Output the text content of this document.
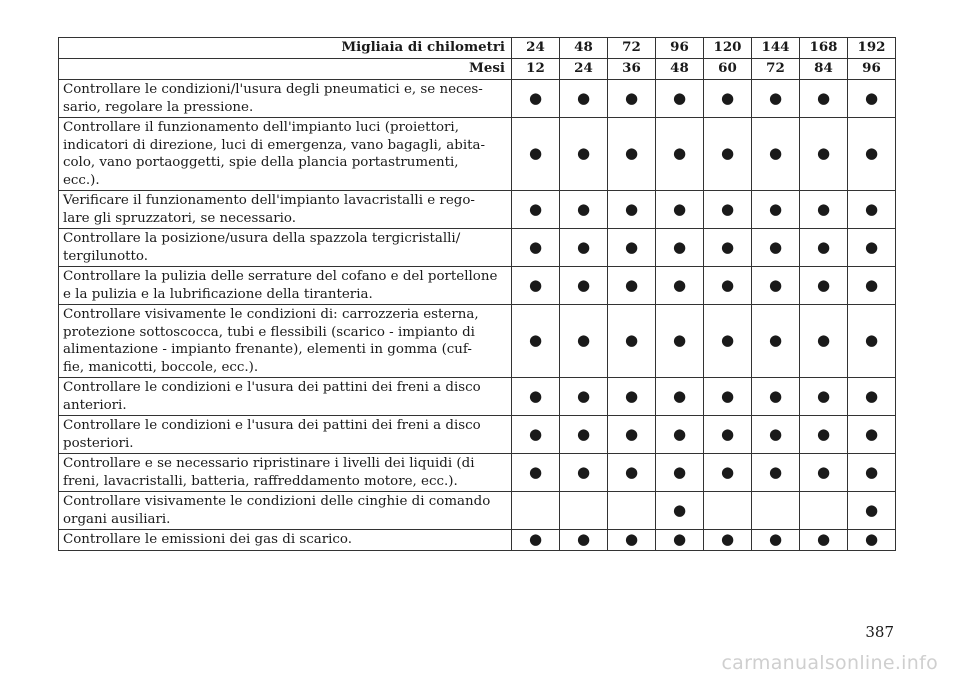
Migliaia di chilometri	24	48	72	96	120	144	168	192
Mesi	12	24	36	48	60	72	84	96
Controllare le condizioni/l'usura degli pneumatici e, se neces-
sario, regolare la pressione.	●	●	●	●	●	●	●	●
Controllare il funzionamento dell'impianto luci (proiettori,
indicatori di direzione, luci di emergenza, vano bagagli, abita-
colo, vano portaoggetti, spie della plancia portastrumenti,
ecc.).	●	●	●	●	●	●	●	●
Verificare il funzionamento dell'impianto lavacristalli e rego-
lare gli spruzzatori, se necessario.	●	●	●	●	●	●	●	●
Controllare la posizione/usura della spazzola tergicristalli/
tergilunotto.	●	●	●	●	●	●	●	●
Controllare la pulizia delle serrature del cofano e del portellone
e la pulizia e la lubrificazione della tiranteria.	●	●	●	●	●	●	●	●
Controllare visivamente le condizioni di: carrozzeria esterna,
protezione sottoscocca, tubi e flessibili (scarico - impianto di
alimentazione - impianto frenante), elementi in gomma (cuf-
fie, manicotti, boccole, ecc.).	●	●	●	●	●	●	●	●
Controllare le condizioni e l'usura dei pattini dei freni a disco
anteriori.	●	●	●	●	●	●	●	●
Controllare le condizioni e l'usura dei pattini dei freni a disco
posteriori.	●	●	●	●	●	●	●	●
Controllare e se necessario ripristinare i livelli dei liquidi (di
freni, lavacristalli, batteria, raffreddamento motore, ecc.).	●	●	●	●	●	●	●	●
Controllare visivamente le condizioni delle cinghie di comando
organi ausiliari.				●				●
Controllare le emissioni dei gas di scarico.	●	●	●	●	●	●	●	●
387
carmanualsonline.info
